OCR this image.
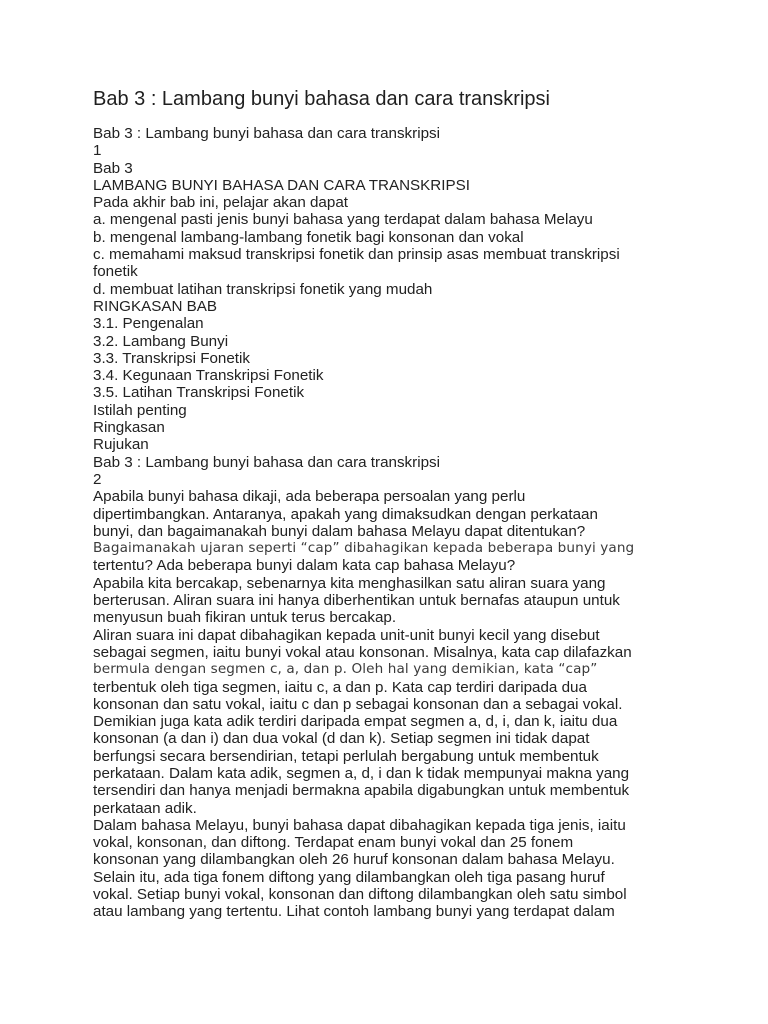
Bab 3 : Lambang bunyi bahasa dan cara transkripsi
Bab 3 : Lambang bunyi bahasa dan cara transkripsi
1
Bab 3
LAMBANG BUNYI BAHASA DAN CARA TRANSKRIPSI
Pada akhir bab ini, pelajar akan dapat
a. mengenal pasti jenis bunyi bahasa yang terdapat dalam bahasa Melayu
b. mengenal lambang-lambang fonetik bagi konsonan dan vokal
c. memahami maksud transkripsi fonetik dan prinsip asas membuat transkripsi
fonetik
d. membuat latihan transkripsi fonetik yang mudah
RINGKASAN BAB
3.1. Pengenalan
3.2. Lambang Bunyi
3.3. Transkripsi Fonetik
3.4. Kegunaan Transkripsi Fonetik
3.5. Latihan Transkripsi Fonetik
Istilah penting
Ringkasan
Rujukan
Bab 3 : Lambang bunyi bahasa dan cara transkripsi
2
Apabila bunyi bahasa dikaji, ada beberapa persoalan yang perlu
dipertimbangkan. Antaranya, apakah yang dimaksudkan dengan perkataan
bunyi, dan bagaimanakah bunyi dalam bahasa Melayu dapat ditentukan?
Bagaimanakah ujaran seperti “cap” dibahagikan kepada beberapa bunyi yang
tertentu? Ada beberapa bunyi dalam kata cap bahasa Melayu?
Apabila kita bercakap, sebenarnya kita menghasilkan satu aliran suara yang
berterusan. Aliran suara ini hanya diberhentikan untuk bernafas ataupun untuk
menyusun buah fikiran untuk terus bercakap.
Aliran suara ini dapat dibahagikan kepada unit-unit bunyi kecil yang disebut
sebagai segmen, iaitu bunyi vokal atau konsonan. Misalnya, kata cap dilafazkan
bermula dengan segmen c, a, dan p. Oleh hal yang demikian, kata “cap”
terbentuk oleh tiga segmen, iaitu c, a dan p. Kata cap terdiri daripada dua
konsonan dan satu vokal, iaitu c dan p sebagai konsonan dan a sebagai vokal.
Demikian juga kata adik terdiri daripada empat segmen a, d, i, dan k, iaitu dua
konsonan (a dan i) dan dua vokal (d dan k). Setiap segmen ini tidak dapat
berfungsi secara bersendirian, tetapi perlulah bergabung untuk membentuk
perkataan. Dalam kata adik, segmen a, d, i dan k tidak mempunyai makna yang
tersendiri dan hanya menjadi bermakna apabila digabungkan untuk membentuk
perkataan adik.
Dalam bahasa Melayu, bunyi bahasa dapat dibahagikan kepada tiga jenis, iaitu
vokal, konsonan, dan diftong. Terdapat enam bunyi vokal dan 25 fonem
konsonan yang dilambangkan oleh 26 huruf konsonan dalam bahasa Melayu.
Selain itu, ada tiga fonem diftong yang dilambangkan oleh tiga pasang huruf
vokal. Setiap bunyi vokal, konsonan dan diftong dilambangkan oleh satu simbol
atau lambang yang tertentu. Lihat contoh lambang bunyi yang terdapat dalam
